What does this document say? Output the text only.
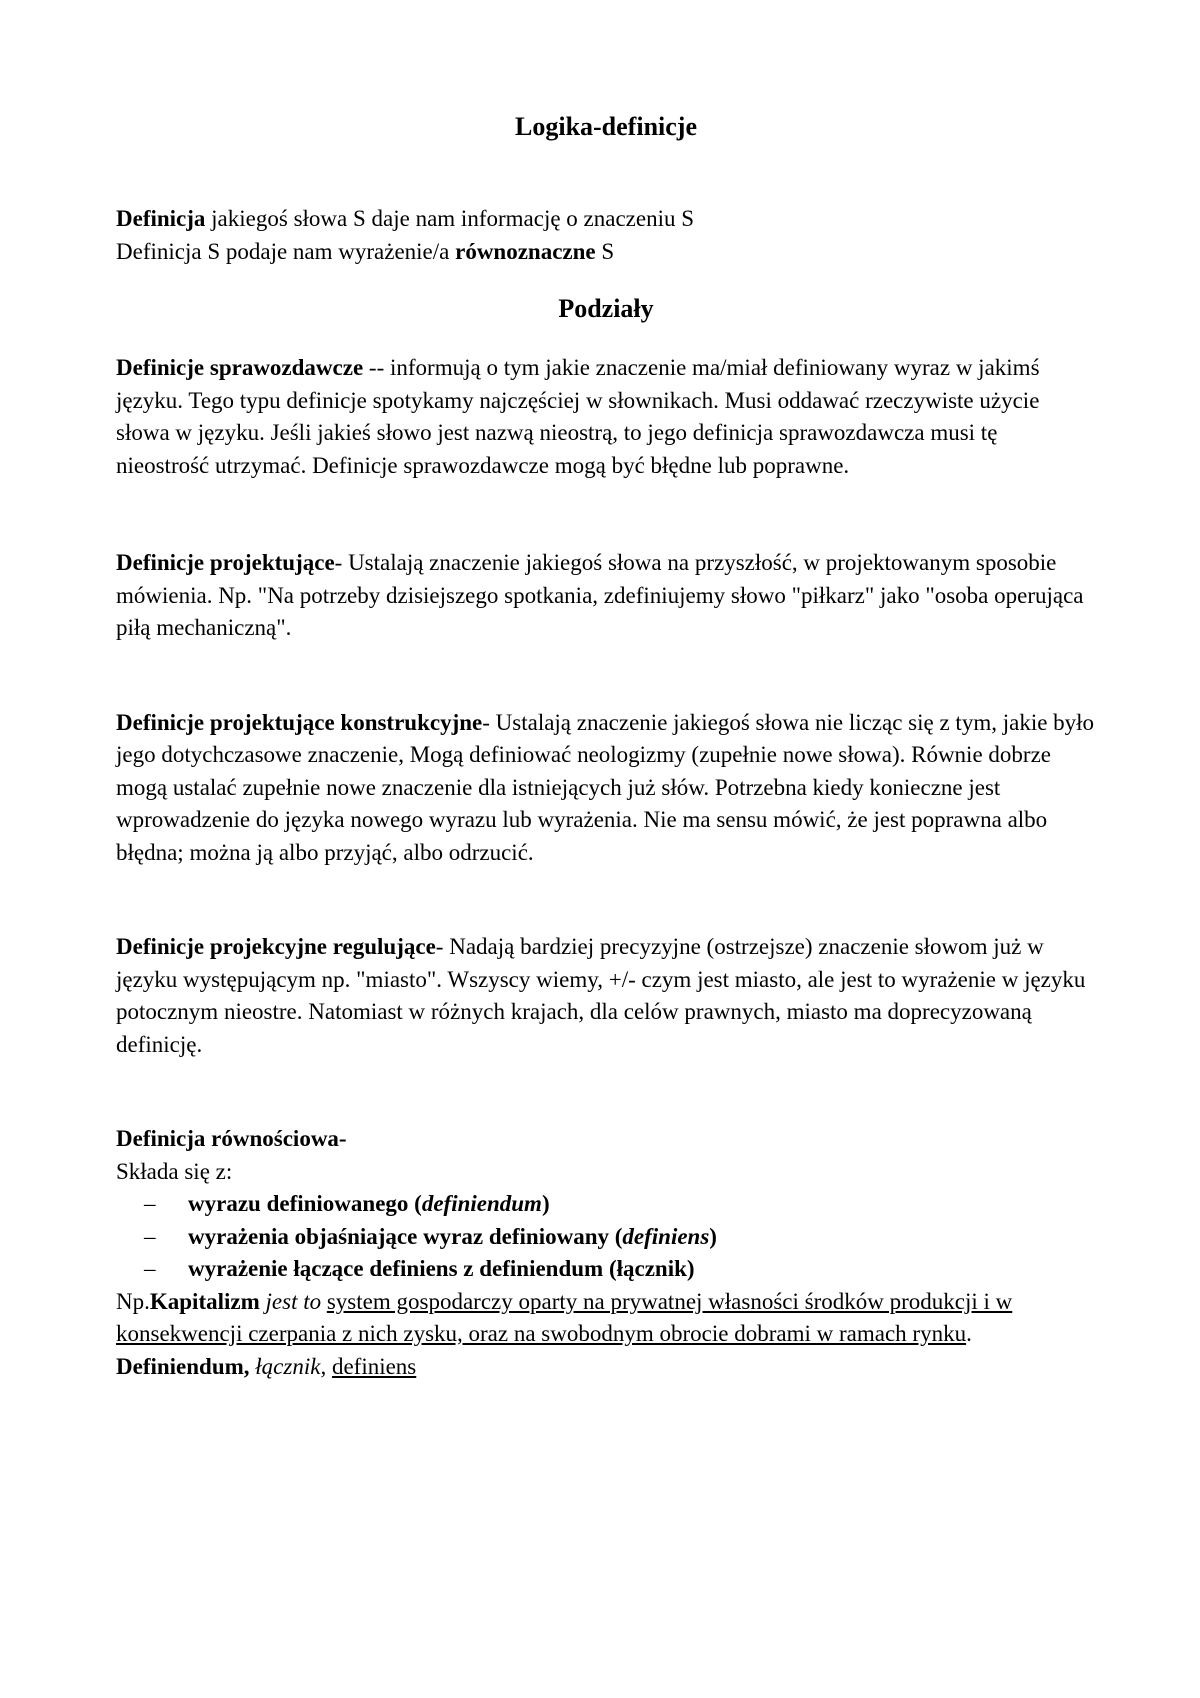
Logika-definicje

Definicja jakiegoś słowa S daje nam informację o znaczeniu S

Definicja S podaje nam wyrażenie/a równoznaczne S

Podziały

Definicje sprawozdawcze -- informują o tym jakie znaczenie ma/miał definiowany wyraz w jakimś języku. Tego typu definicje spotykamy najczęściej w słownikach. Musi oddawać rzeczywiste użycie słowa w języku. Jeśli jakieś słowo jest nazwą nieostrą, to jego definicja sprawozdawcza musi tę nieostrość utrzymać. Definicje sprawozdawcze mogą być błędne lub poprawne.

Definicje projektujące- Ustalają znaczenie jakiegoś słowa na przyszłość, w projektowanym sposobie mówienia. Np. "Na potrzeby dzisiejszego spotkania, zdefiniujemy słowo "piłkarz" jako "osoba operująca piłą mechaniczną".

Definicje projektujące konstrukcyjne- Ustalają znaczenie jakiegoś słowa nie licząc się z tym, jakie było jego dotychczasowe znaczenie, Mogą definiować neologizmy (zupełnie nowe słowa). Równie dobrze mogą ustalać zupełnie nowe znaczenie dla istniejących już słów. Potrzebna kiedy konieczne jest wprowadzenie do języka nowego wyrazu lub wyrażenia. Nie ma sensu mówić, że jest poprawna albo błędna; można ją albo przyjąć, albo odrzucić.

Definicje projekcyjne regulujące- Nadają bardziej precyzyjne (ostrzejsze) znaczenie słowom już w języku występującym np. "miasto". Wszyscy wiemy, +/- czym jest miasto, ale jest to wyrażenie w języku potocznym nieostre. Natomiast w różnych krajach, dla celów prawnych, miasto ma doprecyzowaną definicję.

Definicja równościowa-

Składa się z:

– wyrazu definiowanego (definiendum)
– wyrażenia objaśniające wyraz definiowany (definiens)
– wyrażenie łączące definiens z definiendum (łącznik)

Np.Kapitalizm jest to system gospodarczy oparty na prywatnej własności środków produkcji i w konsekwencji czerpania z nich zysku, oraz na swobodnym obrocie dobrami w ramach rynku.

Definiendum, łącznik, definiens
